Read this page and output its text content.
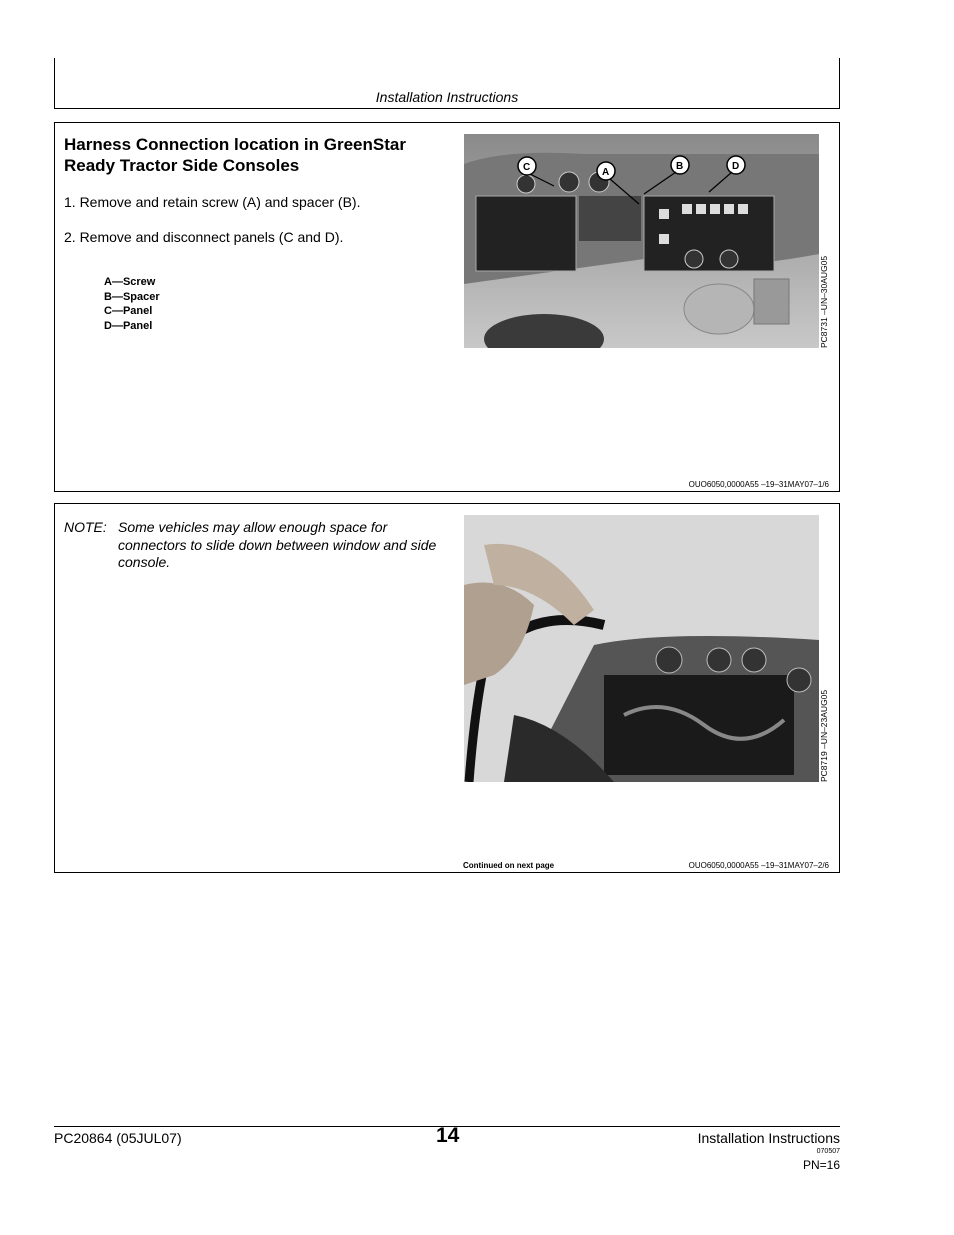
Installation Instructions
Harness Connection location in GreenStar Ready Tractor Side Consoles
1. Remove and retain screw (A) and spacer (B).
2. Remove and disconnect panels (C and D).
A—Screw
B—Spacer
C—Panel
D—Panel
C	A
B	D
PC8731 –UN–30AUG05
OUO6050,0000A55 –19–31MAY07–1/6
NOTE: Some vehicles may allow enough space for connectors to slide down between window and side console.
PC8719 –UN–23AUG05
Continued on next page	OUO6050,0000A55 –19–31MAY07–2/6
PC20864 (05JUL07)	14	Installation Instructions
070507
PN=16
